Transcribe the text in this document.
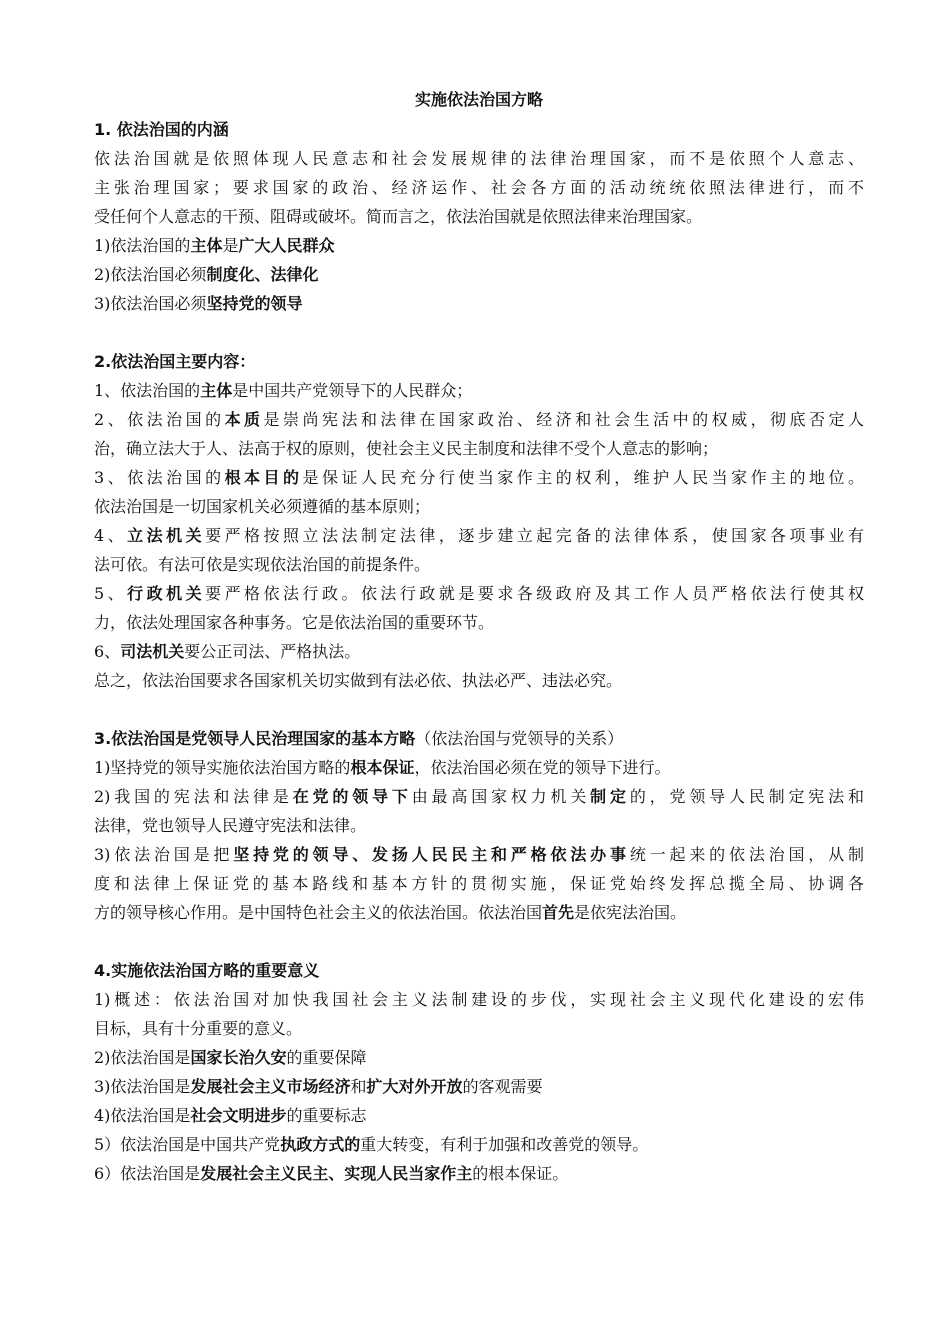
实施依法治国方略
1. 依法治国的内涵
依法治国就是依照体现人民意志和社会发展规律的法律治理国家，而不是依照个人意志、
主张治理国家；要求国家的政治、经济运作、社会各方面的活动统统依照法律进行，而不
受任何个人意志的干预、阻碍或破坏。简而言之，依法治国就是依照法律来治理国家。
1)依法治国的主体是广大人民群众
2)依法治国必须制度化、法律化
3)依法治国必须坚持党的领导
2.依法治国主要内容：
1、依法治国的主体是中国共产党领导下的人民群众；
2、依法治国的本质是崇尚宪法和法律在国家政治、经济和社会生活中的权威，彻底否定人
治，确立法大于人、法高于权的原则，使社会主义民主制度和法律不受个人意志的影响；
3、依法治国的根本目的是保证人民充分行使当家作主的权利，维护人民当家作主的地位。
依法治国是一切国家机关必须遵循的基本原则；
4、立法机关要严格按照立法法制定法律，逐步建立起完备的法律体系，使国家各项事业有
法可依。有法可依是实现依法治国的前提条件。
5、行政机关要严格依法行政。依法行政就是要求各级政府及其工作人员严格依法行使其权
力，依法处理国家各种事务。它是依法治国的重要环节。
6、司法机关要公正司法、严格执法。
总之，依法治国要求各国家机关切实做到有法必依、执法必严、违法必究。
3.依法治国是党领导人民治理国家的基本方略（依法治国与党领导的关系）
1)坚持党的领导实施依法治国方略的根本保证，依法治国必须在党的领导下进行。
2)我国的宪法和法律是在党的领导下由最高国家权力机关制定的，党领导人民制定宪法和
法律，党也领导人民遵守宪法和法律。
3)依法治国是把坚持党的领导、发扬人民民主和严格依法办事统一起来的依法治国，从制
度和法律上保证党的基本路线和基本方针的贯彻实施，保证党始终发挥总揽全局、协调各
方的领导核心作用。是中国特色社会主义的依法治国。依法治国首先是依宪法治国。
4.实施依法治国方略的重要意义
1)概述：依法治国对加快我国社会主义法制建设的步伐，实现社会主义现代化建设的宏伟
目标，具有十分重要的意义。
2)依法治国是国家长治久安的重要保障
3)依法治国是发展社会主义市场经济和扩大对外开放的客观需要
4)依法治国是社会文明进步的重要标志
5）依法治国是中国共产党执政方式的重大转变，有利于加强和改善党的领导。
6）依法治国是发展社会主义民主、实现人民当家作主的根本保证。
